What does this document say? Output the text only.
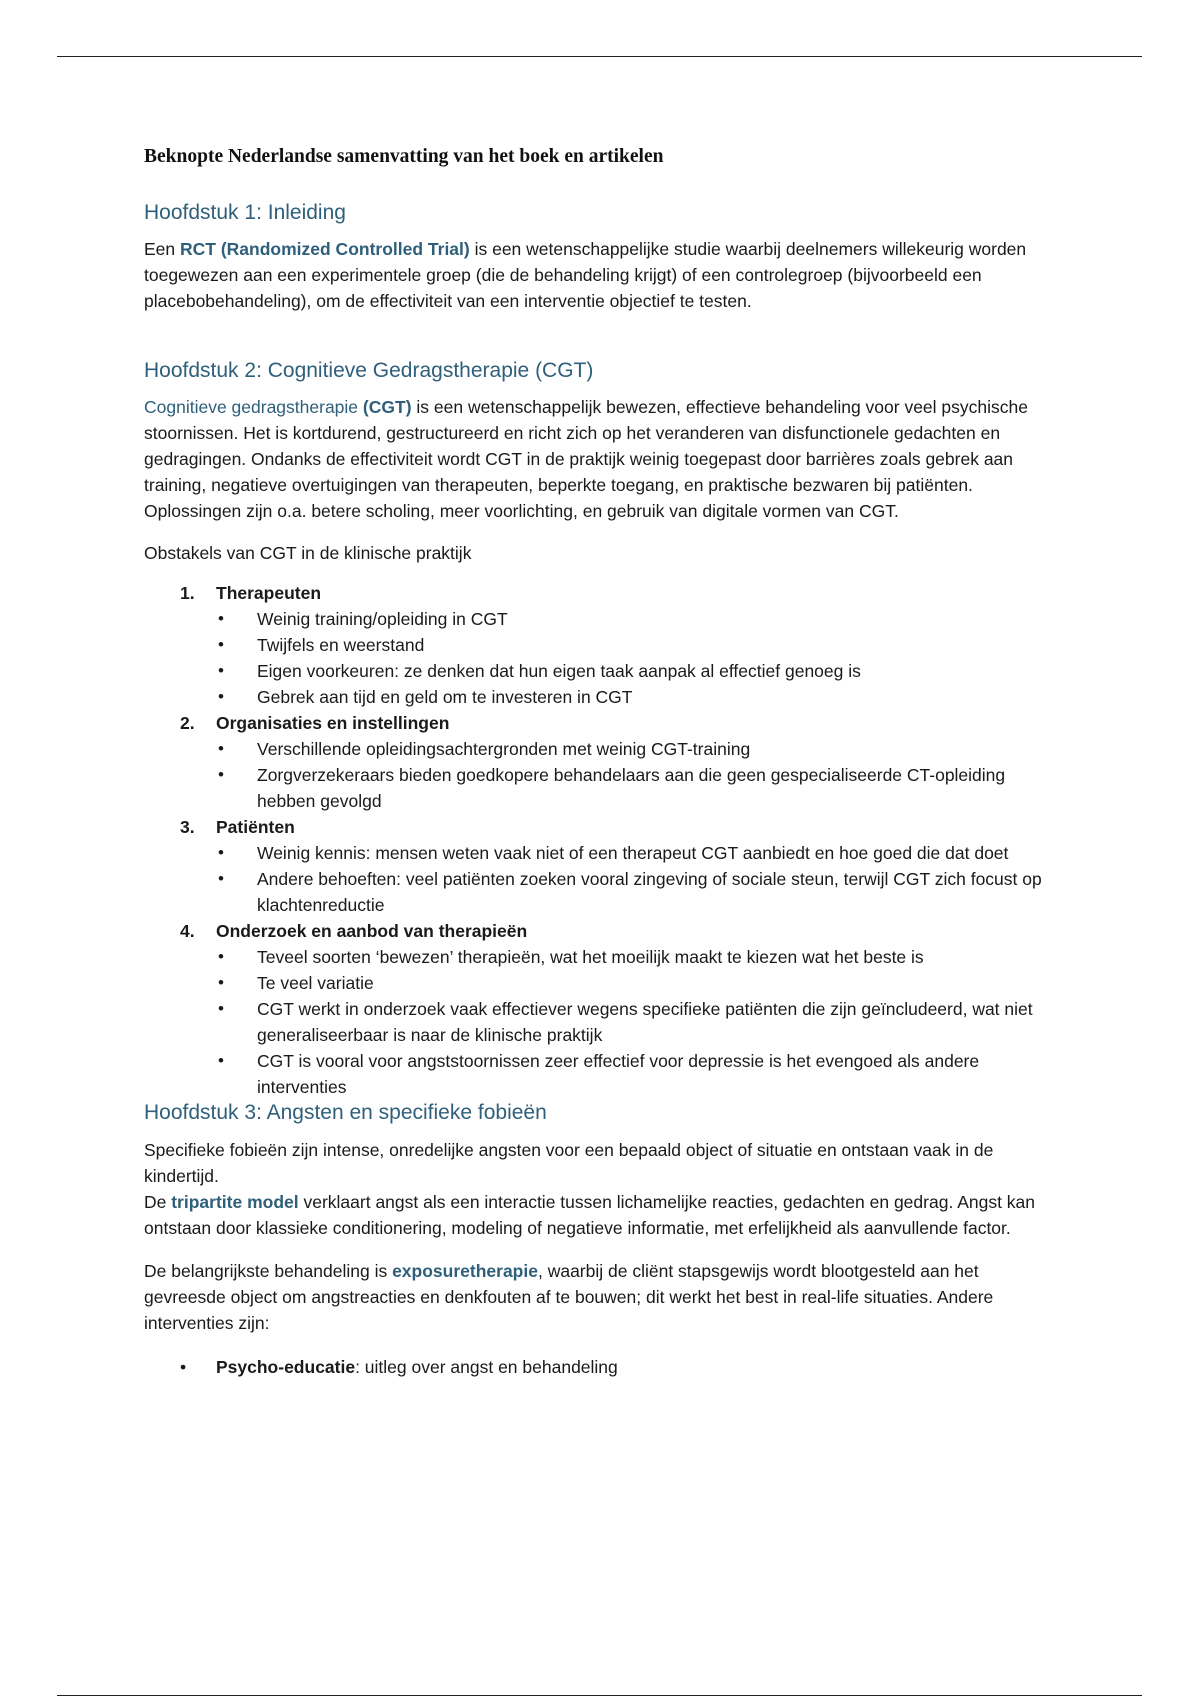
Beknopte Nederlandse samenvatting van het boek en artikelen
Hoofdstuk 1: Inleiding

Een RCT (Randomized Controlled Trial) is een wetenschappelijke studie waarbij deelnemers willekeurig worden toegewezen aan een experimentele groep (die de behandeling krijgt) of een controlegroep (bijvoorbeeld een placebobehandeling), om de effectiviteit van een interventie objectief te testen.

Hoofdstuk 2: Cognitieve Gedragstherapie (CGT)

Cognitieve gedragstherapie (CGT) is een wetenschappelijk bewezen, effectieve behandeling voor veel psychische stoornissen. Het is kortdurend, gestructureerd en richt zich op het veranderen van disfunctionele gedachten en gedragingen. Ondanks de effectiviteit wordt CGT in de praktijk weinig toegepast door barrières zoals gebrek aan training, negatieve overtuigingen van therapeuten, beperkte toegang, en praktische bezwaren bij patiënten. Oplossingen zijn o.a. betere scholing, meer voorlichting, en gebruik van digitale vormen van CGT.

Obstakels van CGT in de klinische praktijk

1. Therapeuten
• Weinig training/opleiding in CGT
• Twijfels en weerstand
• Eigen voorkeuren: ze denken dat hun eigen taak aanpak al effectief genoeg is
• Gebrek aan tijd en geld om te investeren in CGT
2. Organisaties en instellingen
• Verschillende opleidingsachtergronden met weinig CGT-training
• Zorgverzekeraars bieden goedkopere behandelaars aan die geen gespecialiseerde CT-opleiding hebben gevolgd
3. Patiënten
• Weinig kennis: mensen weten vaak niet of een therapeut CGT aanbiedt en hoe goed die dat doet
• Andere behoeften: veel patiënten zoeken vooral zingeving of sociale steun, terwijl CGT zich focust op klachtenreductie
4. Onderzoek en aanbod van therapieën
• Teveel soorten ‘bewezen’ therapieën, wat het moeilijk maakt te kiezen wat het beste is
• Te veel variatie
• CGT werkt in onderzoek vaak effectiever wegens specifieke patiënten die zijn geïncludeerd, wat niet generaliseerbaar is naar de klinische praktijk
• CGT is vooral voor angststoornissen zeer effectief voor depressie is het evengoed als andere interventies
Hoofdstuk 3: Angsten en specifieke fobieën

Specifieke fobieën zijn intense, onredelijke angsten voor een bepaald object of situatie en ontstaan vaak in de kindertijd.

De tripartite model verklaart angst als een interactie tussen lichamelijke reacties, gedachten en gedrag. Angst kan ontstaan door klassieke conditionering, modeling of negatieve informatie, met erfelijkheid als aanvullende factor.

De belangrijkste behandeling is exposuretherapie, waarbij de cliënt stapsgewijs wordt blootgesteld aan het gevreesde object om angstreacties en denkfouten af te bouwen; dit werkt het best in real-life situaties. Andere interventies zijn:

• Psycho-educatie: uitleg over angst en behandeling
